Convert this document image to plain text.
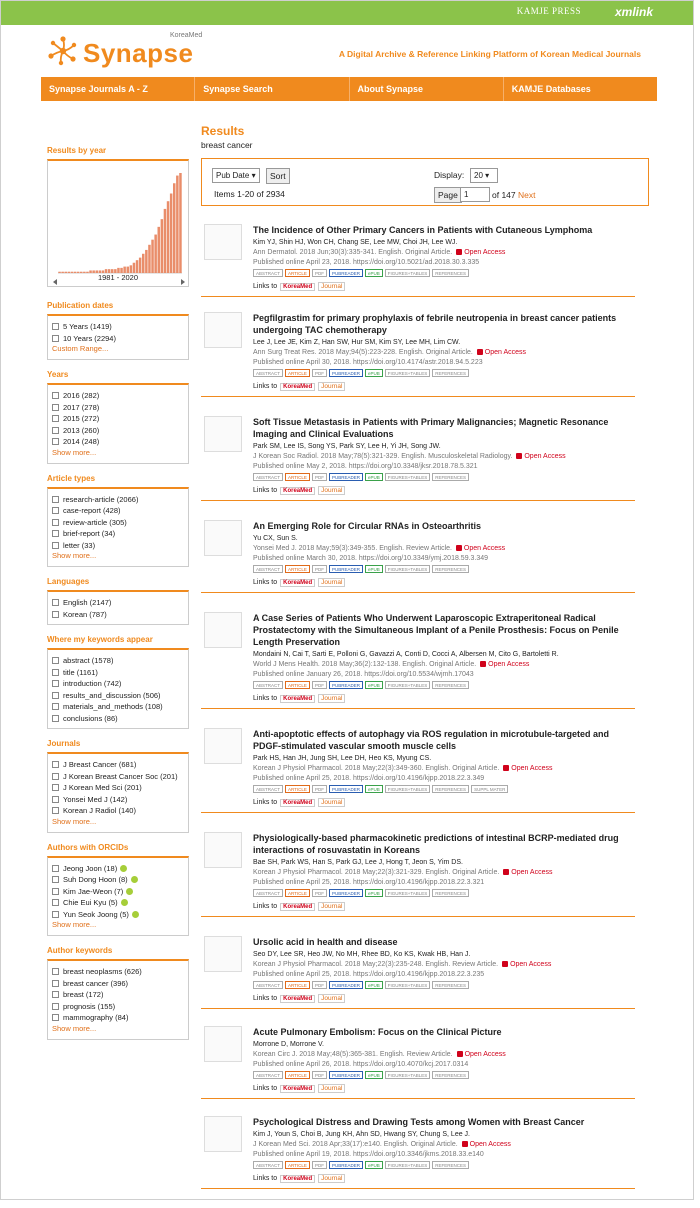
KAMJE PRESS	xmlink
Synapse
KoreaMed
A Digital Archive & Reference Linking Platform of Korean Medical Journals
Synapse Journals A - Z	Synapse Search	About Synapse	KAMJE Databases
Results by year
1981 - 2020
Publication dates
5 Years (1419)
10 Years (2294)
Custom Range...
Years
2016 (282)
2017 (278)
2015 (272)
2013 (260)
2014 (248)
Show more...
Article types
research-article (2066)
case-report (428)
review-article (305)
brief-report (34)
letter (33)
Show more...
Languages
English (2147)
Korean (787)
Where my keywords appear
abstract (1578)
title (1161)
introduction (742)
results_and_discussion (506)
materials_and_methods (108)
conclusions (86)
Journals
J Breast Cancer (681)
J Korean Breast Cancer Soc (201)
J Korean Med Sci (201)
Yonsei Med J (142)
Korean J Radiol (140)
Show more...
Authors with ORCIDs
Jeong Joon (18)
Suh Dong Hoon (8)
Kim Jae-Weon (7)
Chie Eui Kyu (5)
Yun Seok Joong (5)
Show more...
Author keywords
breast neoplasms (626)
breast cancer (396)
breast (172)
prognosis (155)
mammography (84)
Show more...
Results
breast cancer
Pub Date ▾	Sort
Items 1-20 of 2934
Display:	20 ▾
Page 1	of 147 Next
The Incidence of Other Primary Cancers in Patients with Cutaneous Lymphoma
Kim YJ, Shin HJ, Won CH, Chang SE, Lee MW, Choi JH, Lee WJ.
Ann Dermatol. 2018 Jun;30(3):335-341. English. Original Article. Open Access
Published online April 23, 2018. https://doi.org/10.5021/ad.2018.30.3.335
ABSTRACT	ARTICLE	PDF	PUBREADER	ePUB	FIGURES+TABLES	REFERENCES
Links to	KoreaMed	Journal
Pegfilgrastim for primary prophylaxis of febrile neutropenia in breast cancer patients undergoing TAC chemotherapy
Lee J, Lee JE, Kim Z, Han SW, Hur SM, Kim SY, Lee MH, Lim CW.
Ann Surg Treat Res. 2018 May;94(5):223-228. English. Original Article. Open Access
Published online April 30, 2018. https://doi.org/10.4174/astr.2018.94.5.223
ABSTRACT	ARTICLE	PDF	PUBREADER	ePUB	FIGURES+TABLES	REFERENCES
Links to	KoreaMed	Journal
Soft Tissue Metastasis in Patients with Primary Malignancies; Magnetic Resonance Imaging and Clinical Evaluations
Park SM, Lee IS, Song YS, Park SY, Lee H, Yi JH, Song JW.
J Korean Soc Radiol. 2018 May;78(5):321-329. English. Musculoskeletal Radiology. Open Access
Published online May 2, 2018. https://doi.org/10.3348/jksr.2018.78.5.321
ABSTRACT	ARTICLE	PDF	PUBREADER	ePUB	FIGURES+TABLES	REFERENCES
Links to	KoreaMed	Journal
An Emerging Role for Circular RNAs in Osteoarthritis
Yu CX, Sun S.
Yonsei Med J. 2018 May;59(3):349-355. English. Review Article. Open Access
Published online March 30, 2018. https://doi.org/10.3349/ymj.2018.59.3.349
ABSTRACT	ARTICLE	PDF	PUBREADER	ePUB	FIGURES+TABLES	REFERENCES
Links to	KoreaMed	Journal
A Case Series of Patients Who Underwent Laparoscopic Extraperitoneal Radical Prostatectomy with the Simultaneous Implant of a Penile Prosthesis: Focus on Penile Length Preservation
Mondaini N, Cai T, Sarti E, Polloni G, Gavazzi A, Conti D, Cocci A, Albersen M, Cito G, Bartoletti R.
World J Mens Health. 2018 May;36(2):132-138. English. Original Article. Open Access
Published online January 26, 2018. https://doi.org/10.5534/wjmh.17043
ABSTRACT	ARTICLE	PDF	PUBREADER	ePUB	FIGURES+TABLES	REFERENCES
Links to	KoreaMed	Journal
Anti-apoptotic effects of autophagy via ROS regulation in microtubule-targeted and PDGF-stimulated vascular smooth muscle cells
Park HS, Han JH, Jung SH, Lee DH, Heo KS, Myung CS.
Korean J Physiol Pharmacol. 2018 May;22(3):349-360. English. Original Article. Open Access
Published online April 25, 2018. https://doi.org/10.4196/kjpp.2018.22.3.349
ABSTRACT	ARTICLE	PDF	PUBREADER	ePUB	FIGURES+TABLES	REFERENCES	SUPPL MATER
Links to	KoreaMed	Journal
Physiologically-based pharmacokinetic predictions of intestinal BCRP-mediated drug interactions of rosuvastatin in Koreans
Bae SH, Park WS, Han S, Park GJ, Lee J, Hong T, Jeon S, Yim DS.
Korean J Physiol Pharmacol. 2018 May;22(3):321-329. English. Original Article. Open Access
Published online April 25, 2018. https://doi.org/10.4196/kjpp.2018.22.3.321
ABSTRACT	ARTICLE	PDF	PUBREADER	ePUB	FIGURES+TABLES	REFERENCES
Links to	KoreaMed	Journal
Ursolic acid in health and disease
Seo DY, Lee SR, Heo JW, No MH, Rhee BD, Ko KS, Kwak HB, Han J.
Korean J Physiol Pharmacol. 2018 May;22(3):235-248. English. Review Article. Open Access
Published online April 25, 2018. https://doi.org/10.4196/kjpp.2018.22.3.235
ABSTRACT	ARTICLE	PDF	PUBREADER	ePUB	FIGURES+TABLES	REFERENCES
Links to	KoreaMed	Journal
Acute Pulmonary Embolism: Focus on the Clinical Picture
Morrone D, Morrone V.
Korean Circ J. 2018 May;48(5):365-381. English. Review Article. Open Access
Published online April 26, 2018. https://doi.org/10.4070/kcj.2017.0314
ABSTRACT	ARTICLE	PDF	PUBREADER	ePUB	FIGURES+TABLES	REFERENCES
Links to	KoreaMed	Journal
Psychological Distress and Drawing Tests among Women with Breast Cancer
Kim J, Youn S, Choi B, Jung KH, Ahn SD, Hwang SY, Chung S, Lee J.
J Korean Med Sci. 2018 Apr;33(17):e140. English. Original Article. Open Access
Published online April 19, 2018. https://doi.org/10.3346/jkms.2018.33.e140
ABSTRACT	ARTICLE	PDF	PUBREADER	ePUB	FIGURES+TABLES	REFERENCES
Links to	KoreaMed	Journal
